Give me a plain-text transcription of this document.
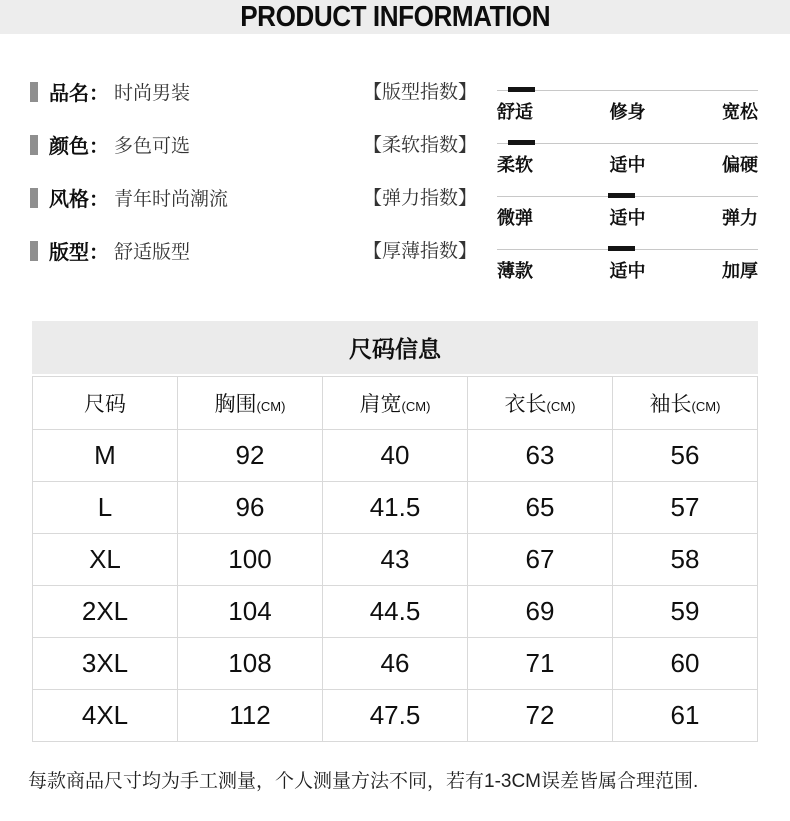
PRODUCT INFORMATION
品名： 时尚男装
颜色： 多色可选
风格： 青年时尚潮流
版型： 舒适版型
【版型指数】
舒适	修身	宽松
【柔软指数】
柔软	适中	偏硬
【弹力指数】
微弹	适中	弹力
【厚薄指数】
薄款	适中	加厚
尺码信息
尺码	胸围(CM)	肩宽(CM)	衣长(CM)	袖长(CM)
M	92	40	63	56
L	96	41.5	65	57
XL	100	43	67	58
2XL	104	44.5	69	59
3XL	108	46	71	60
4XL	112	47.5	72	61

每款商品尺寸均为手工测量，个人测量方法不同，若有1-3CM误差皆属合理范围.
